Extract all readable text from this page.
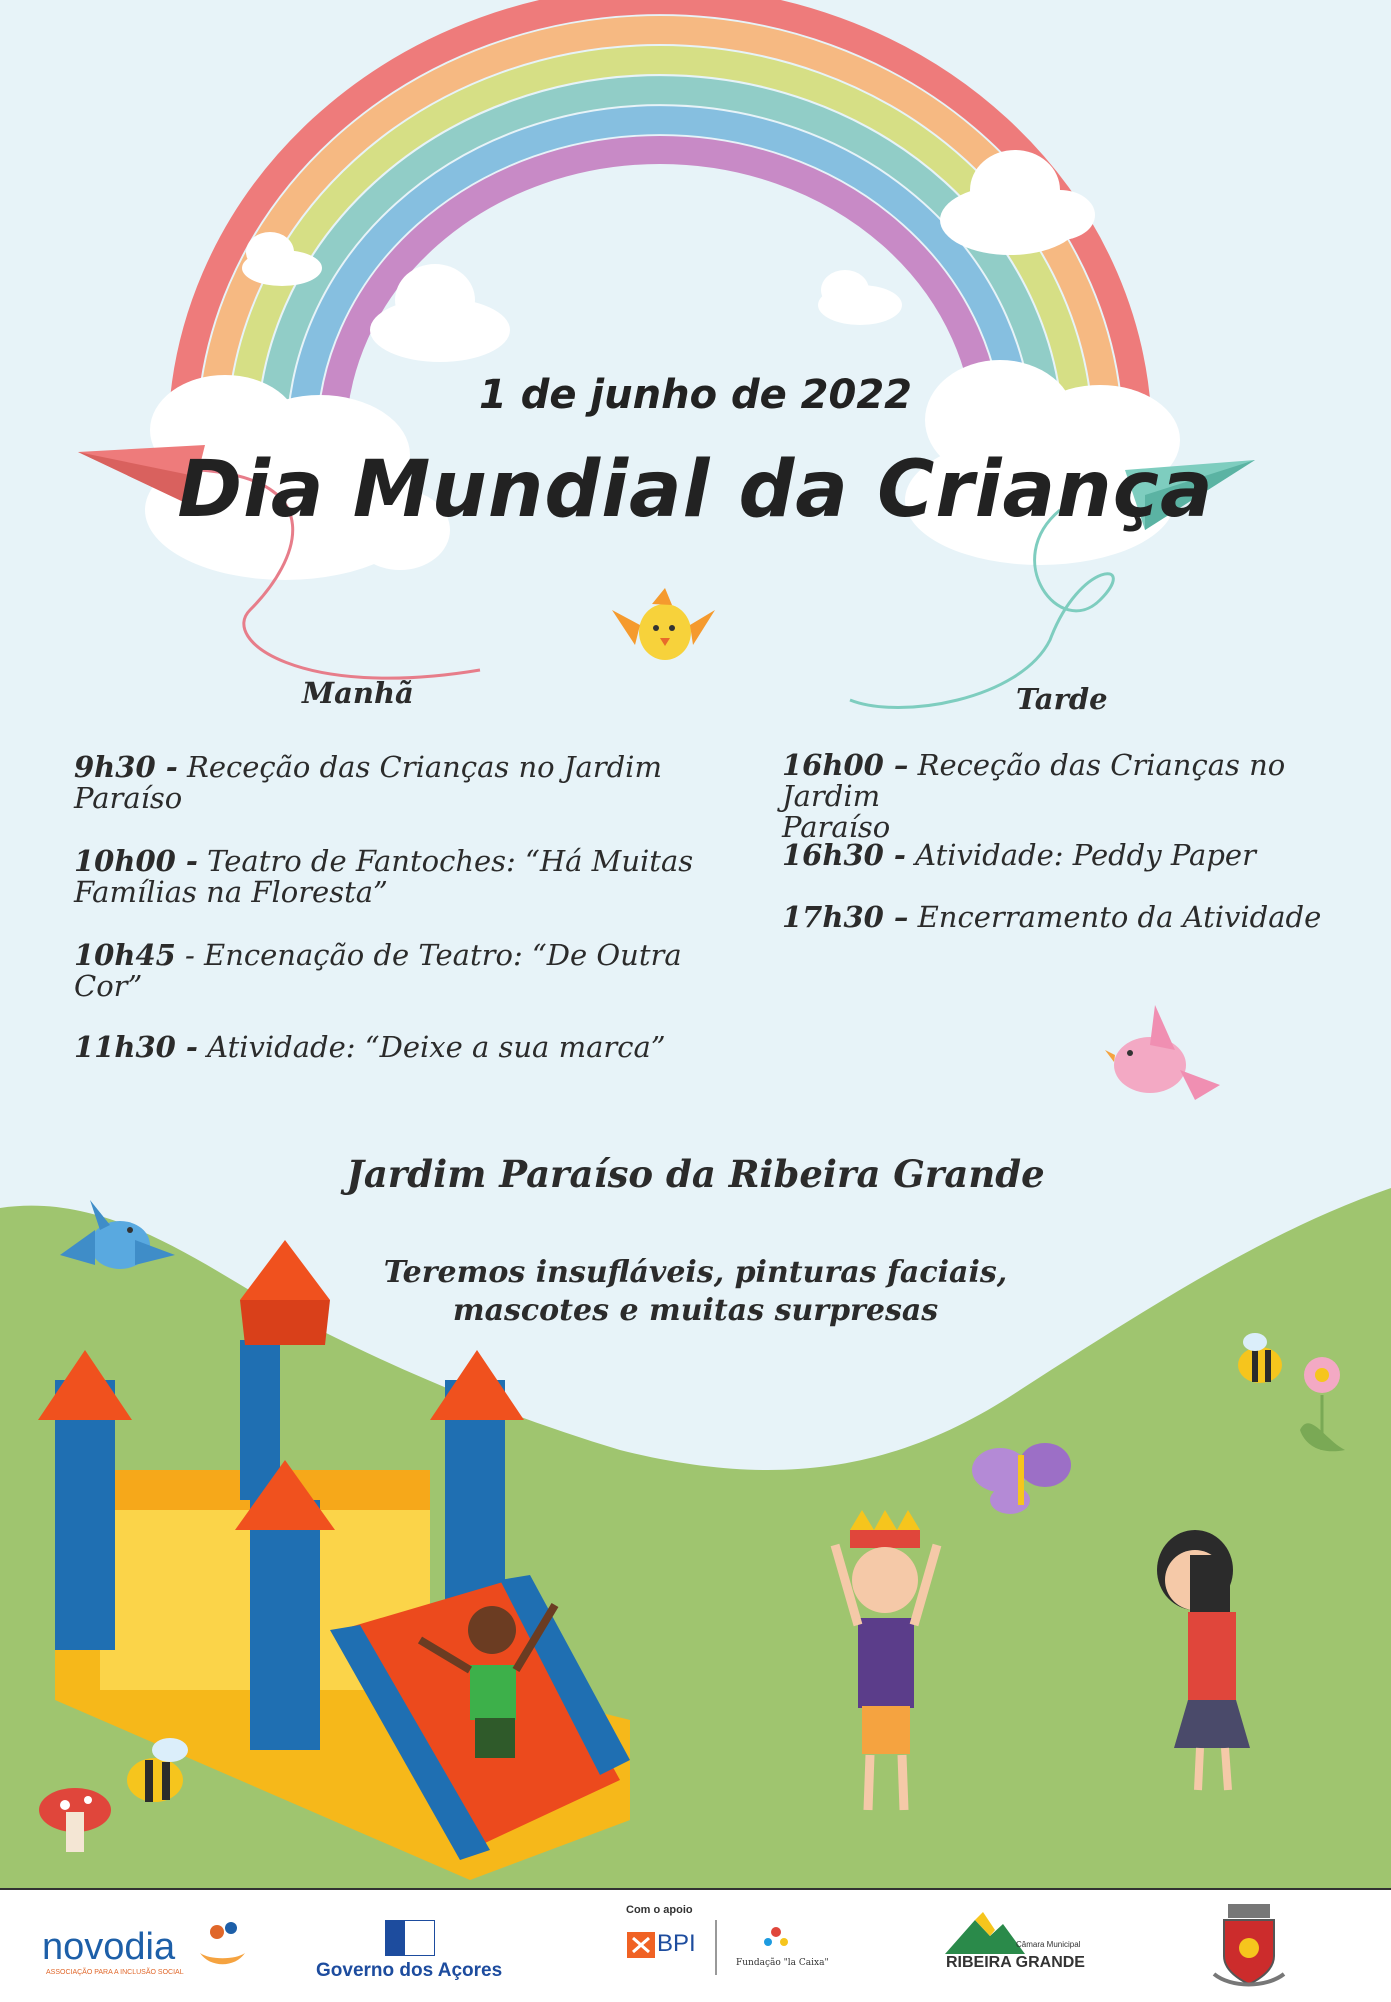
1 de junho de 2022
Dia Mundial da Criança
Manhã	Tarde
9h30 - Receção das Crianças no Jardim
Paraíso
10h00 - Teatro de Fantoches: “Há Muitas
Famílias na Floresta”
10h45 - Encenação de Teatro: “De Outra
Cor”
11h30 - Atividade: “Deixe a sua marca”
16h00 – Receção das Crianças no Jardim
Paraíso
16h30 - Atividade: Peddy Paper
17h30 – Encerramento da Atividade
Jardim Paraíso da Ribeira Grande
Teremos insufláveis, pinturas faciais,
mascotes e muitas surpresas
novodia
ASSOCIAÇÃO PARA A INCLUSÃO SOCIAL	Governo dos Açores
Com o apoio
BPI
Fundação "la Caixa"
Câmara Municipal
RIBEIRA GRANDE
